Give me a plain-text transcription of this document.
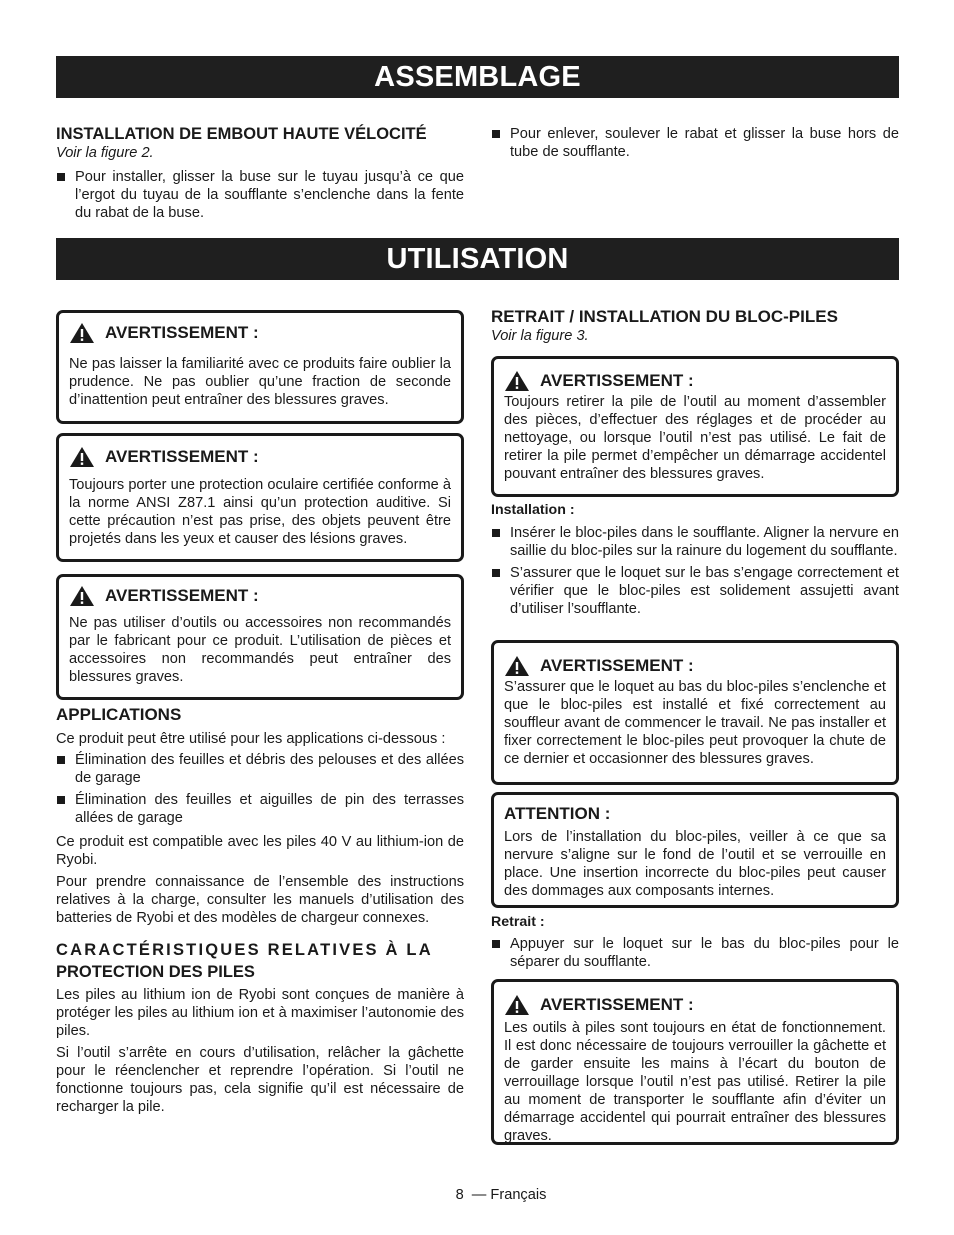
ASSEMBLAGE
UTILISATION
INSTALLATION DE EMBOUT HAUTE VÉLOCITÉ
Voir la figure 2.
Pour installer, glisser la buse sur le tuyau jusqu’à ce que l’ergot du tuyau de la soufflante s’enclenche dans la fente du rabat de la buse.
Pour enlever, soulever le rabat et glisser la buse hors de tube de soufflante.
AVERTISSEMENT :

Ne pas laisser la familiarité avec ce produits faire oublier la prudence. Ne pas oublier qu’une fraction de seconde d’inattention peut entraîner des blessures graves.

AVERTISSEMENT :

Toujours porter une protection oculaire certifiée conforme à la norme ANSI Z87.1 ainsi qu’un protection auditive. Si cette précaution n’est pas prise, des objets peuvent être projetés dans les yeux et causer des lésions graves.

AVERTISSEMENT :

Ne pas utiliser d’outils ou accessoires non recommandés par le fabricant pour ce produit. L’utilisation de pièces et accessoires non recommandés peut entraîner des blessures graves.

APPLICATIONS

Ce produit peut être utilisé pour les applications ci-dessous :

Élimination des feuilles et débris des pelouses et des allées de garage
Élimination des feuilles et aiguilles de pin des terrasses allées de garage

Ce produit est compatible avec les piles 40 V au lithium-ion de Ryobi.

Pour prendre connaissance de l’ensemble des instructions relatives à la charge, consulter les manuels d’utilisation des batteries de Ryobi et des modèles de chargeur connexes.

CARACTÉRISTIQUES RELATIVES À LA
PROTECTION DES PILES

Les piles au lithium ion de Ryobi sont conçues de manière à protéger les piles au lithium ion et à maximiser l’autonomie des piles.

Si l’outil s’arrête en cours d’utilisation, relâcher la gâchette pour le réenclencher et reprendre l’opération. Si l’outil ne fonctionne toujours pas, cela signifie qu’il est nécessaire de recharger la pile.

RETRAIT / INSTALLATION DU BLOC-PILES
Voir la figure 3.
AVERTISSEMENT :

Toujours retirer la pile de l’outil au moment d’assembler des pièces, d’effectuer des réglages et de procéder au nettoyage, ou lorsque l’outil n’est pas utilisé. Le fait de retirer la pile permet d’empêcher un démarrage accidentel pouvant entraîner des blessures graves.

Installation :
Insérer le bloc-piles dans le soufflante. Aligner la nervure en saillie du bloc-piles sur la rainure du logement du soufflante.
S’assurer que le loquet sur le bas s’engage correctement et vérifier que le bloc-piles est solidement assujetti avant d’utiliser l’soufflante.
AVERTISSEMENT :

S’assurer que le loquet au bas du bloc-piles s’enclenche et que le bloc-piles est installé et fixé correctement au souffleur avant de commencer le travail. Ne pas installer et fixer correctement le bloc-piles peut provoquer la chute de ce dernier et occasionner des blessures graves.

ATTENTION :

Lors de l’installation du bloc-piles, veiller à ce que sa nervure s’aligne sur le fond de l’outil et se verrouille en place. Une insertion incorrecte du bloc-piles peut causer des dommages aux composants internes.

Retrait :
Appuyer sur le loquet sur le bas du bloc-piles pour le séparer du soufflante.
AVERTISSEMENT :

Les outils à piles sont toujours en état de fonctionnement. Il est donc nécessaire de toujours verrouiller la gâchette et de garder ensuite les mains à l’écart du bouton de verrouillage lorsque l’outil n’est pas utilisé. Retirer la pile au moment de transporter le soufflante afin d’éviter un démarrage accidentel qui pourrait entraîner des blessures graves.

8 — Français
